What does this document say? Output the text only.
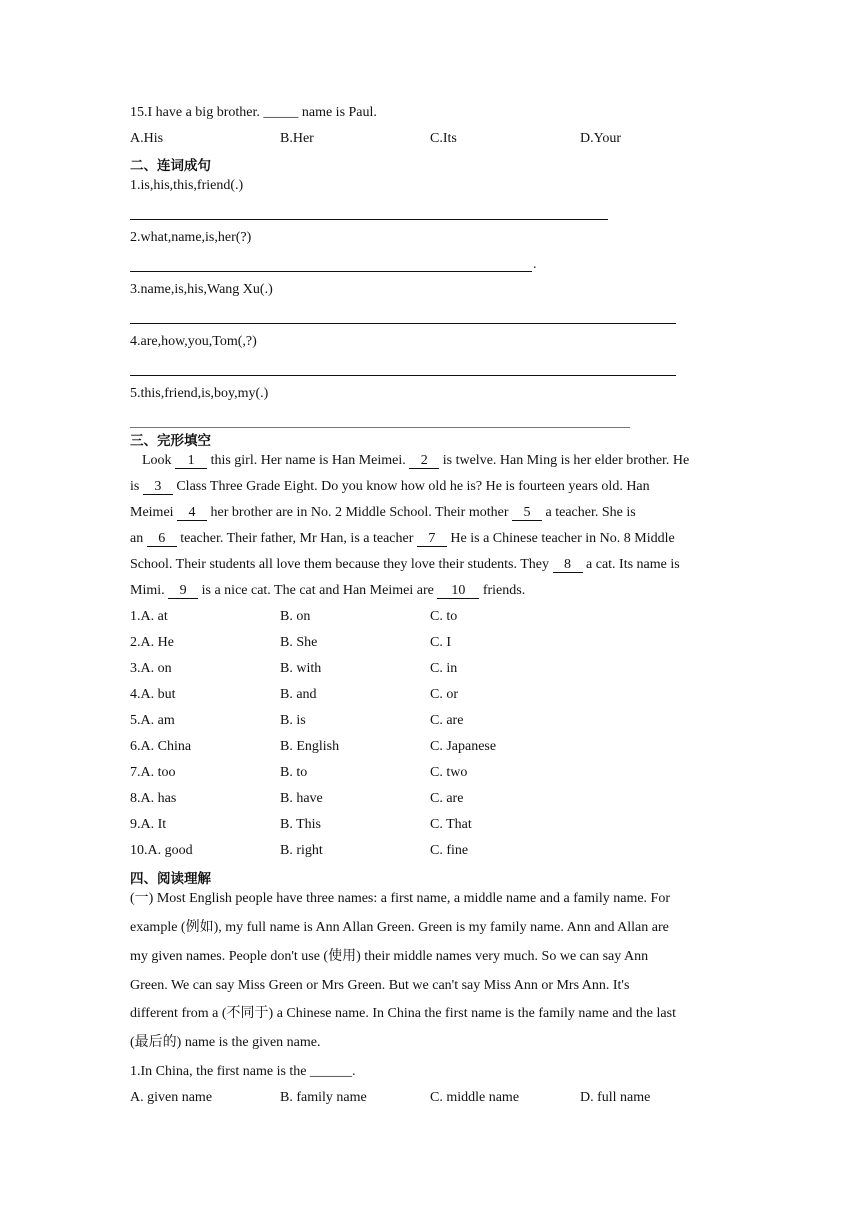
15.I have a big brother. _____ name is Paul.
A.His	B.Her	C.Its	D.Your
二、连词成句
1.is,his,this,friend(.)
2.what,name,is,her(?)
.
3.name,is,his,Wang Xu(.)
4.are,how,you,Tom(,?)
5.this,friend,is,boy,my(.)
三、完形填空
Look 1 this girl. Her name is Han Meimei. 2 is twelve. Han Ming is her elder brother. He
is 3 Class Three Grade Eight. Do you know how old he is? He is fourteen years old. Han
Meimei 4 her brother are in No. 2 Middle School. Their mother 5 a teacher. She is
an 6 teacher. Their father, Mr Han, is a teacher 7 He is a Chinese teacher in No. 8 Middle
School. Their students all love them because they love their students. They 8 a cat. Its name is
Mimi. 9 is a nice cat. The cat and Han Meimei are 10 friends.
1.A. at	B. on	C. to
2.A. He	B. She	C. I
3.A. on	B. with	C. in
4.A. but	B. and	C. or
5.A. am	B. is	C. are
6.A. China	B. English	C. Japanese
7.A. too	B. to	C. two
8.A. has	B. have	C. are
9.A. It	B. This	C. That
10.A. good	B. right	C. fine
四、阅读理解
(一) Most English people have three names: a first name, a middle name and a family name. For
example (例如), my full name is Ann Allan Green. Green is my family name. Ann and Allan are
my given names. People don't use (使用) their middle names very much. So we can say Ann
Green. We can say Miss Green or Mrs Green. But we can't say Miss Ann or Mrs Ann. It's
different from a (不同于) a Chinese name. In China the first name is the family name and the last
(最后的) name is the given name.
1.In China, the first name is the ______.
A. given name	B. family name	C. middle name	D. full name
